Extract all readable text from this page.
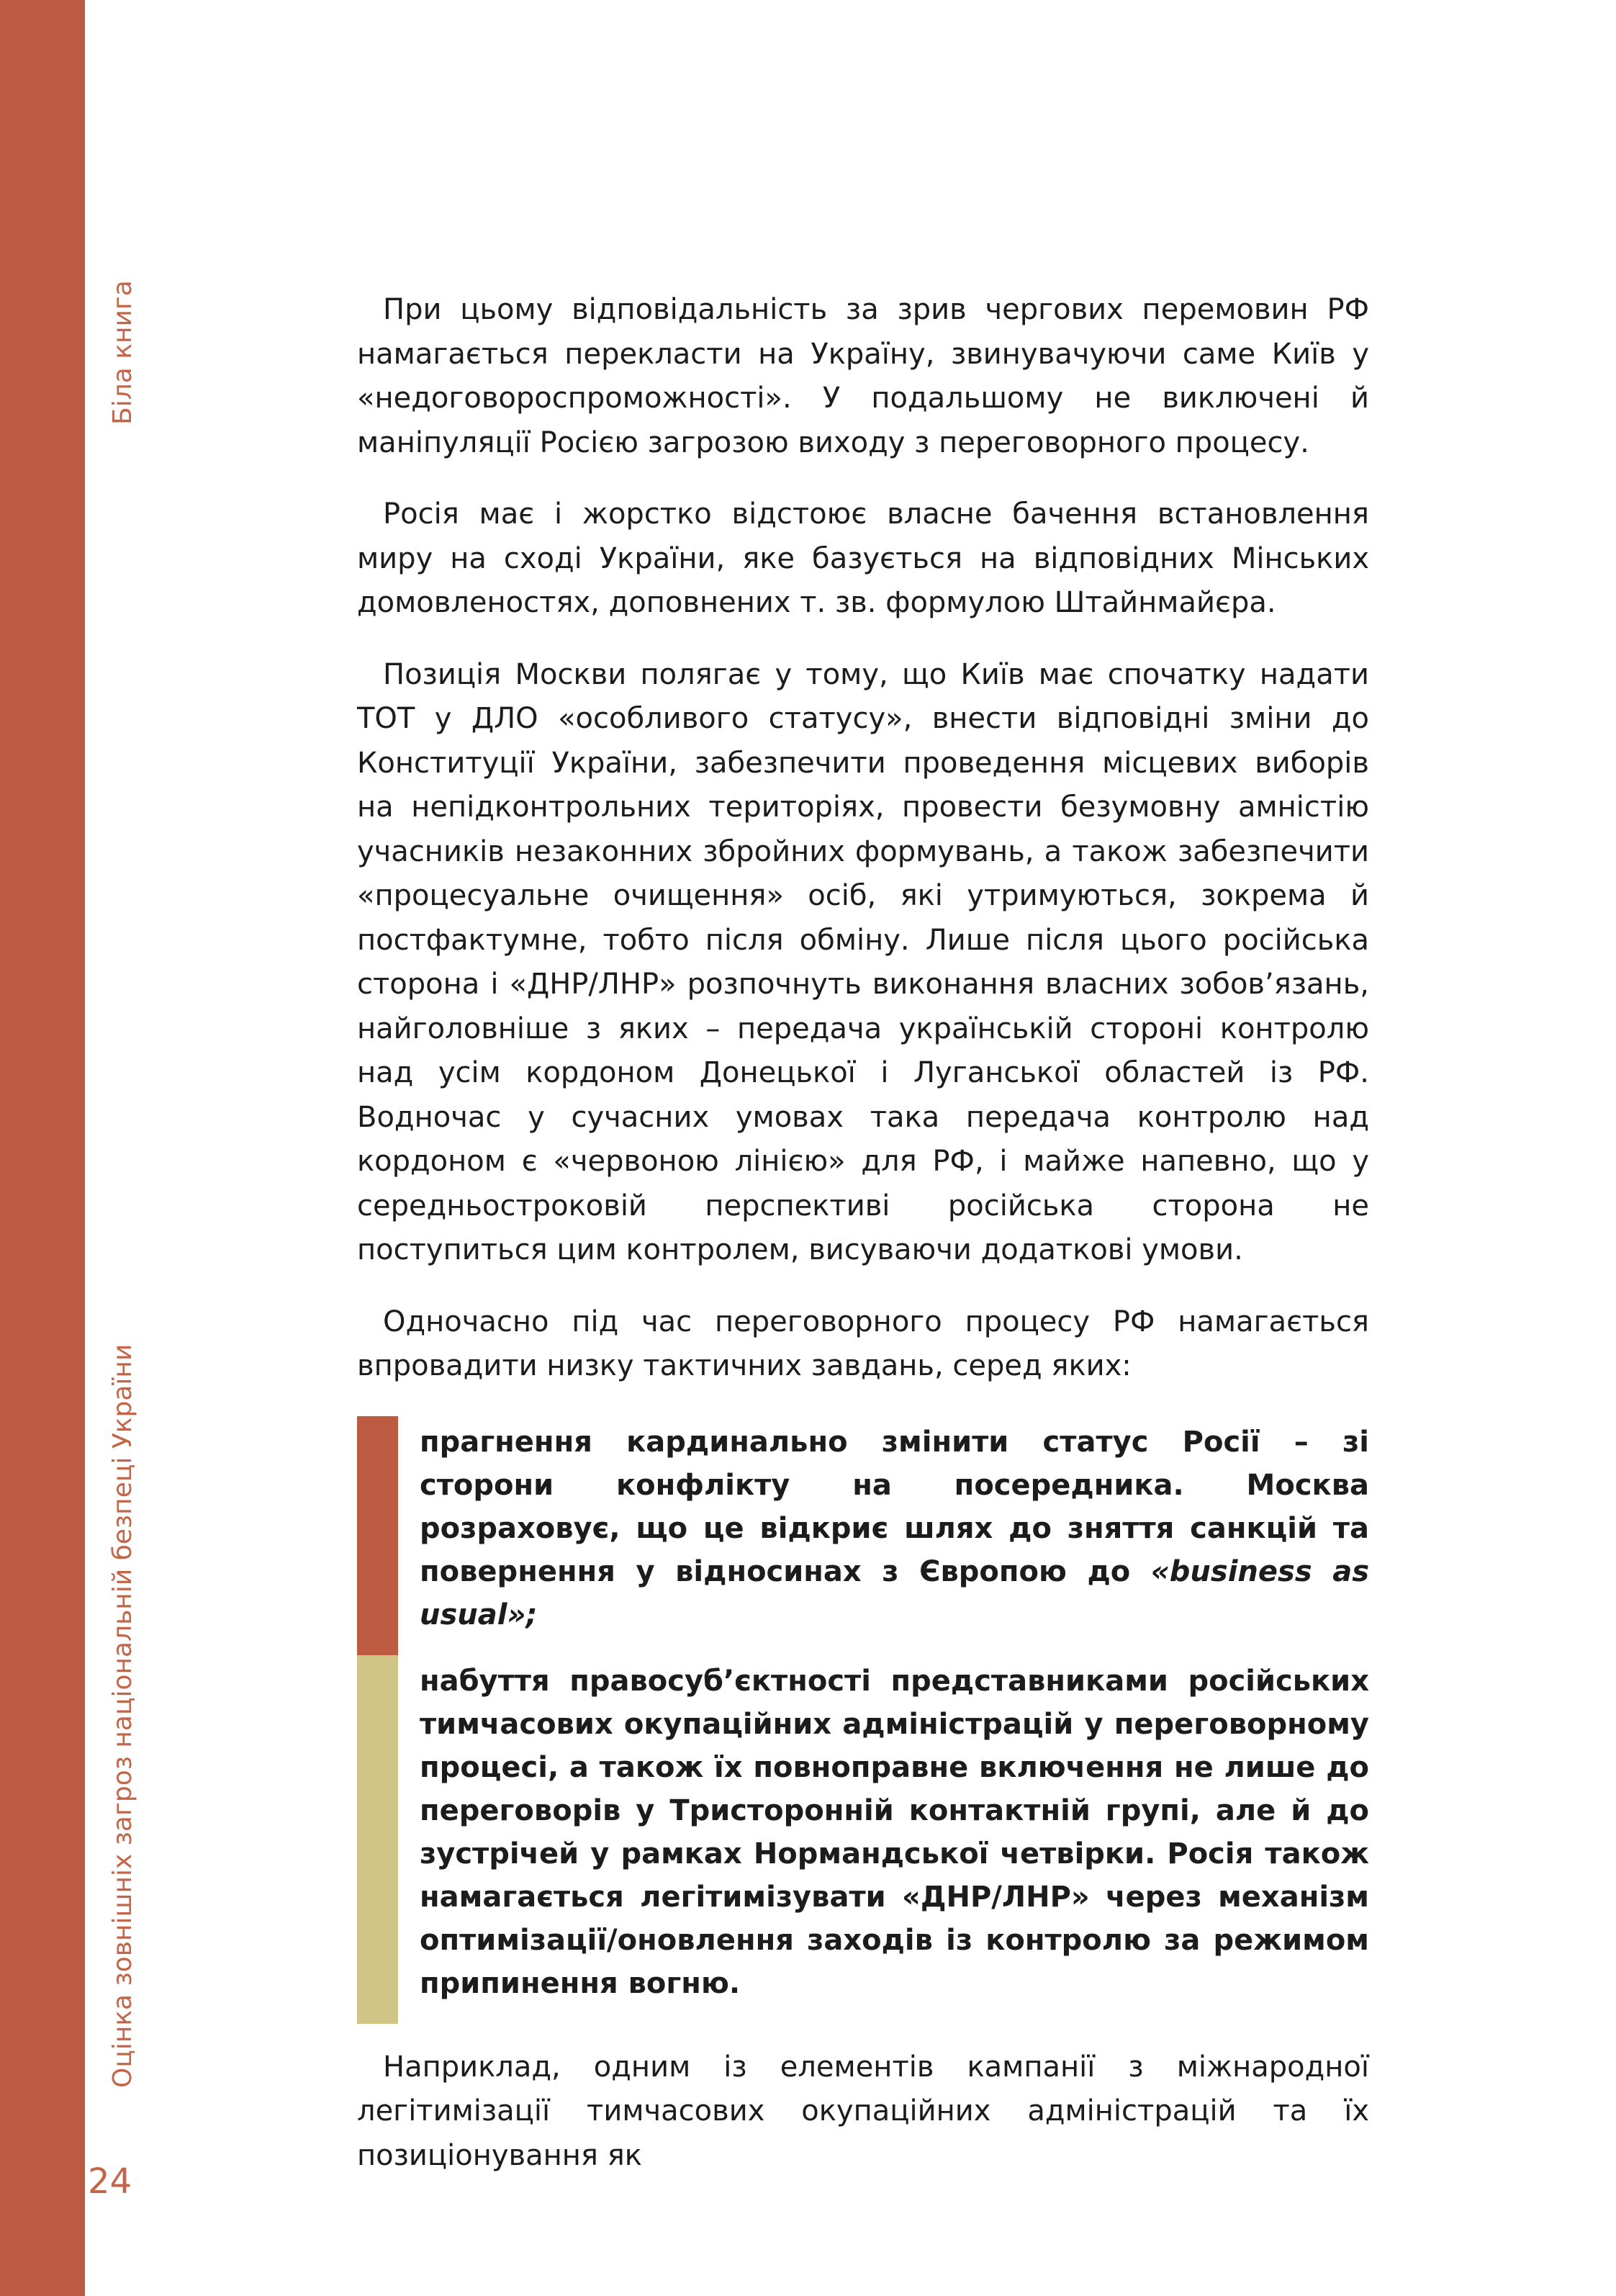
Біла книга
Оцінка зовнішніх загроз національній безпеці України
24

При цьому відповідальність за зрив чергових перемовин РФ намагається перекласти на Україну, звинувачуючи саме Київ у «недоговороспроможності». У подальшому не виключені й маніпуляції Росією загрозою виходу з переговорного процесу.

Росія має і жорстко відстоює власне бачення встановлення миру на сході України, яке базується на відповідних Мінських домовленостях, доповнених т. зв. формулою Штайнмайєра.

Позиція Москви полягає у тому, що Київ має спочатку надати ТОТ у ДЛО «особливого статусу», внести відповідні зміни до Конституції України, забезпечити проведення місцевих виборів на непідконтрольних територіях, провести безумовну амністію учасників незаконних збройних формувань, а також забезпечити «процесуальне очищення» осіб, які утримуються, зокрема й постфактумне, тобто після обміну. Лише після цього російська сторона і «ДНР/ЛНР» розпочнуть виконання власних зобов’язань, найголовніше з яких – передача українській стороні контролю над усім кордоном Донецької і Луганської областей із РФ. Водночас у сучасних умовах така передача контролю над кордоном є «червоною лінією» для РФ, і майже напевно, що у середньостроковій перспективі російська сторона не поступиться цим контролем, висуваючи додаткові умови.

Одночасно під час переговорного процесу РФ намагається впровадити низку тактичних завдань, серед яких:

прагнення кардинально змінити статус Росії – зі сторони конфлікту на посередника. Москва розраховує, що це відкриє шлях до зняття санкцій та повернення у відносинах з Європою до «business as usual»;

набуття правосуб’єктності представниками російських тимчасових окупаційних адміністрацій у переговорному процесі, а також їх повноправне включення не лише до переговорів у Тристоронній контактній групі, але й до зустрічей у рамках Нормандської четвірки. Росія також намагається легітимізувати «ДНР/ЛНР» через механізм оптимізації/оновлення заходів із контролю за режимом припинення вогню.

Наприклад, одним із елементів кампанії з міжнародної легітимізації тимчасових окупаційних адміністрацій та їх позиціонування як
